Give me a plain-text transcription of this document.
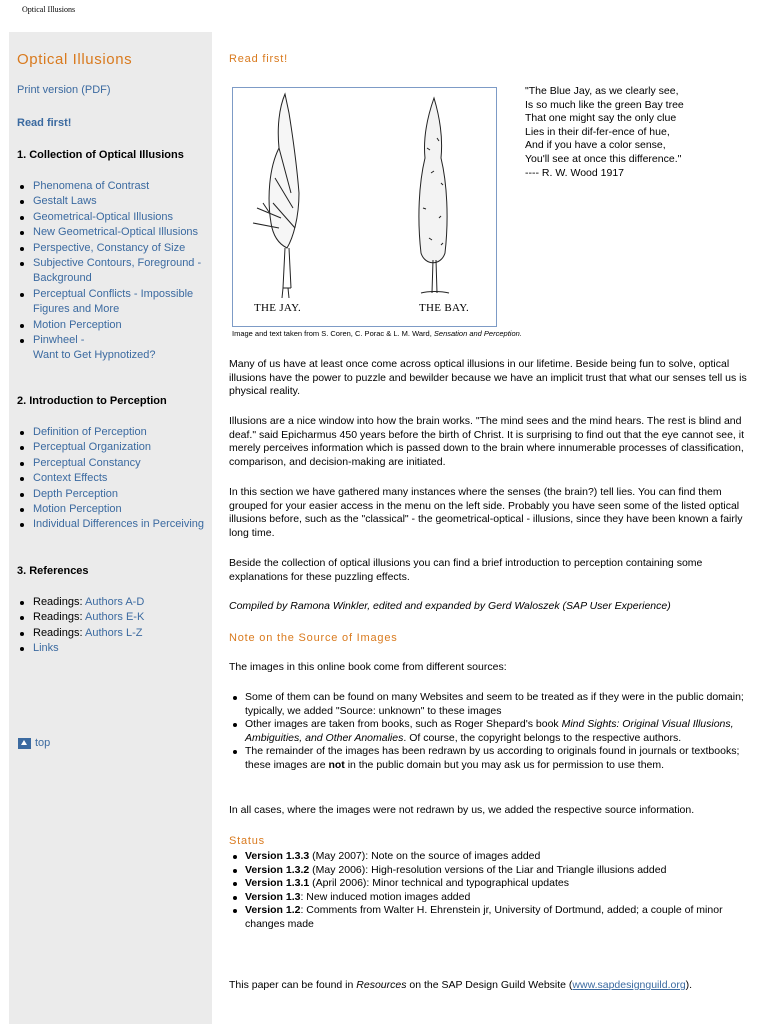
Optical Illusions
Optical Illusions
Print version (PDF)
Read first!
1. Collection of Optical Illusions
Phenomena of Contrast
Gestalt Laws
Geometrical-Optical Illusions
New Geometrical-Optical Illusions
Perspective, Constancy of Size
Subjective Contours, Foreground - Background
Perceptual Conflicts - Impossible Figures and More
Motion Perception
Pinwheel -
Want to Get Hypnotized?
2. Introduction to Perception
Definition of Perception
Perceptual Organization
Perceptual Constancy
Context Effects
Depth Perception
Motion Perception
Individual Differences in Perceiving
3. References
Readings: Authors A-D
Readings: Authors E-K
Readings: Authors L-Z
Links
top
Read first!
THE JAY.	THE BAY.
Image and text taken from S. Coren, C. Porac & L. M. Ward, Sensation and Perception.
"The Blue Jay, as we clearly see,
Is so much like the green Bay tree
That one might say the only clue
Lies in their dif-fer-ence of hue,
And if you have a color sense,
You'll see at once this difference."
---- R. W. Wood 1917
Many of us have at least once come across optical illusions in our lifetime. Beside being fun to solve, optical illusions have the power to puzzle and bewilder because we have an implicit trust that what our senses tell us is physical reality.
Illusions are a nice window into how the brain works. "The mind sees and the mind hears. The rest is blind and deaf." said Epicharmus 450 years before the birth of Christ. It is surprising to find out that the eye cannot see, it merely perceives information which is passed down to the brain where innumerable processes of classification, comparison, and decision-making are initiated.
In this section we have gathered many instances where the senses (the brain?) tell lies. You can find them grouped for your easier access in the menu on the left side. Probably you have seen some of the listed optical illusions before, such as the "classical" - the geometrical-optical - illusions, since they have been known a fairly long time.
Beside the collection of optical illusions you can find a brief introduction to perception containing some explanations for these puzzling effects.
Compiled by Ramona Winkler, edited and expanded by Gerd Waloszek (SAP User Experience)
Note on the Source of Images
The images in this online book come from different sources:
Some of them can be found on many Websites and seem to be treated as if they were in the public domain; typically, we added "Source: unknown" to these images
Other images are taken from books, such as Roger Shepard's book Mind Sights: Original Visual Illusions, Ambiguities, and Other Anomalies. Of course, the copyright belongs to the respective authors.
The remainder of the images has been redrawn by us according to originals found in journals or textbooks; these images are not in the public domain but you may ask us for permission to use them.
In all cases, where the images were not redrawn by us, we added the respective source information.
Status
Version 1.3.3 (May 2007): Note on the source of images added
Version 1.3.2 (May 2006): High-resolution versions of the Liar and Triangle illusions added
Version 1.3.1 (April 2006): Minor technical and typographical updates
Version 1.3: New induced motion images added
Version 1.2: Comments from Walter H. Ehrenstein jr, University of Dortmund, added; a couple of minor changes made
This paper can be found in Resources on the SAP Design Guild Website (www.sapdesignguild.org).
